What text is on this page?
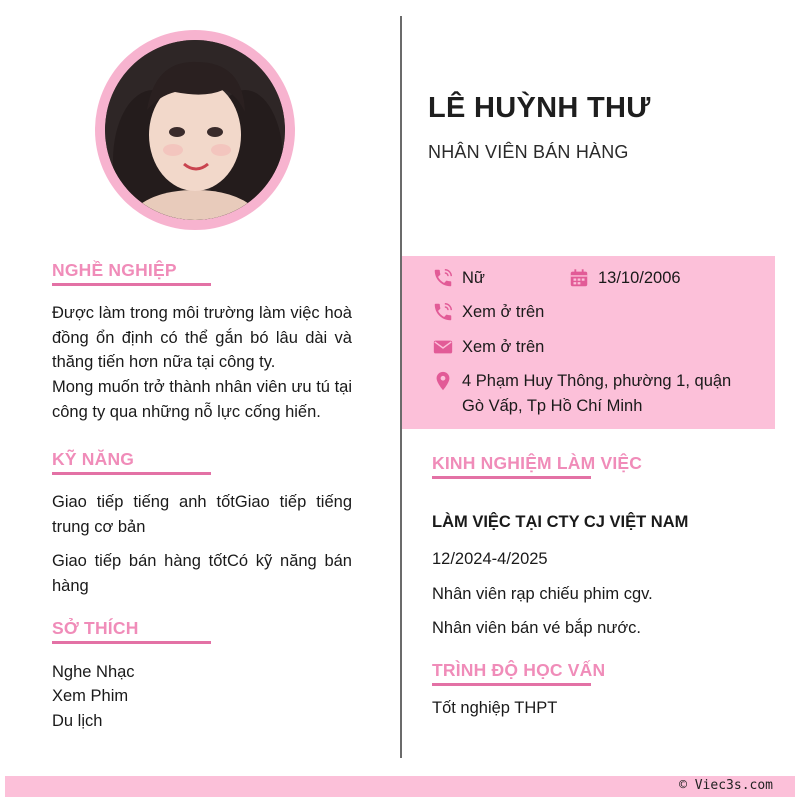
LÊ HUỲNH THƯ
NHÂN VIÊN BÁN HÀNG
Nữ	13/10/2006
Xem ở trên
Xem ở trên
4 Phạm Huy Thông, phường 1, quận Gò Vấp, Tp Hồ Chí Minh
NGHỀ NGHIỆP
Được làm trong môi trường làm việc hoà đồng ổn định có thể gắn bó lâu dài và thăng tiến hơn nữa tại công ty.
Mong muốn trở thành nhân viên ưu tú tại công ty qua những nỗ lực cống hiến.
KỸ NĂNG
Giao tiếp tiếng anh tốtGiao tiếp tiếng trung cơ bản
Giao tiếp bán hàng tốtCó kỹ năng bán hàng
SỞ THÍCH
Nghe Nhạc
Xem Phim
Du lịch
KINH NGHIỆM LÀM VIỆC
LÀM VIỆC TẠI CTY CJ VIỆT NAM
12/2024-4/2025
Nhân viên rạp chiếu phim cgv.
Nhân viên bán vé bắp nước.
TRÌNH ĐỘ HỌC VẤN
Tốt nghiệp THPT
© Viec3s.com
